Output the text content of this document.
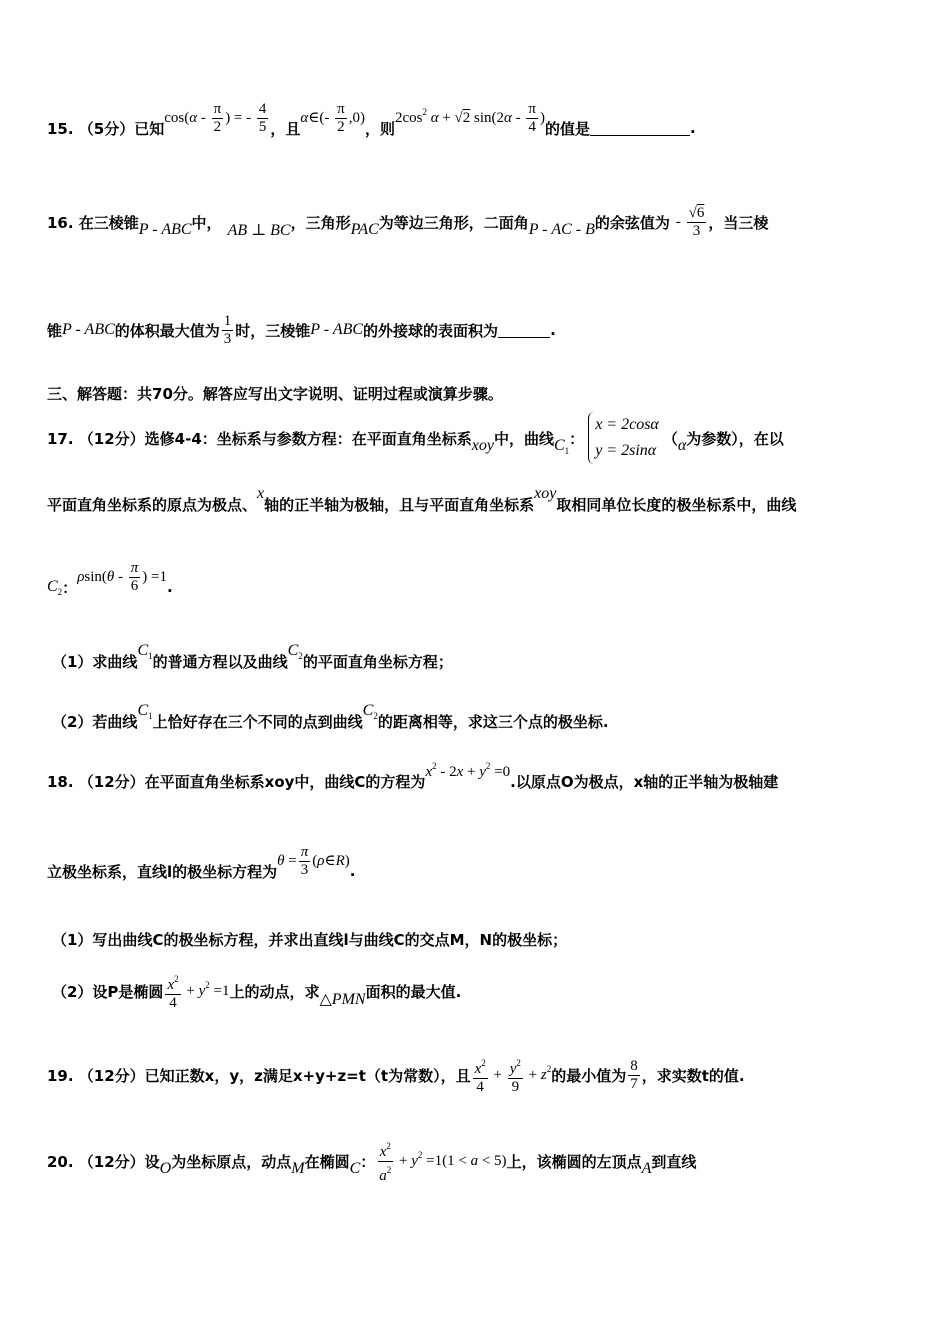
15. （5分）已知
$\cos(\alpha - \frac{\pi}{2}$ ) = - $\frac{4}{5}$ ，且
α∈(- $\frac{\pi}{2} ,0$)
，则
$2\cos^2$ α + √2 $\sin(2\alpha - \frac{\pi}{4}$ )
的值是	.
16. 在三棱锥 P - ABC 中， AB ⊥ BC ，三角形 PAC 为等边三角形，二面角 P - AC - B 的余弦值为 - $\frac{√6}{3}$ ，当三棱
锥 P - ABC 的体积最大值为 $\frac{1}{3}$ 时，三棱锥 P - ABC 的外接球的表面积为	.
三、解答题：共70分。解答应写出文字说明、证明过程或演算步骤。
17. （12分）选修4-4：坐标系与参数方程：在平面直角坐标系 xoy 中，曲线 $C_1$
：
x = 2cosα
y = 2sinα
（ α 为参数），在以
平面直角坐标系的原点为极点、
x
轴的正半轴为极轴，且与平面直角坐标系
xoy
取相同单位长度的极坐标系中，曲线
$C_2$ ：
$\rho\sin(\theta - \frac{\pi}{6}$ ) =1
.
（1）求曲线
$C_1$ 的普通方程以及曲线
$C_2$ 的平面直角坐标方程；
（2）若曲线
$C_1$ 上恰好存在三个不同的点到曲线
$C_2$ 的距离相等，求这三个点的极坐标.
18. （12分）在平面直角坐标系xoy中，曲线C的方程为
$x^2 - 2x + y^2 =0$
.以原点O为极点，x轴的正半轴为极轴建
立极坐标系，直线l的极坐标方程为
$\theta = \frac{\pi}{3}$ (ρ∈R)
.
（1）写出曲线C的极坐标方程，并求出直线l与曲线C的交点M，N的极坐标；
（2）设P是椭圆 $\frac{x^2}{4} + y^2 =1$ 上的动点，求 △PMN 面积的最大值.
19. （12分）已知正数x，y，z满足x+y+z=t（t为常数），且 $\frac{x^2}{4} + \frac{y^2}{9} + z^2$ 的最小值为 $\frac{8}{7}$ ，求实数t的值.
20. （12分）设 O 为坐标原点，动点 M 在椭圆 C ： $\frac{x^2}{a^2} + y^2 =1(1 < a < 5)$ 上，该椭圆的左顶点 A 到直线
